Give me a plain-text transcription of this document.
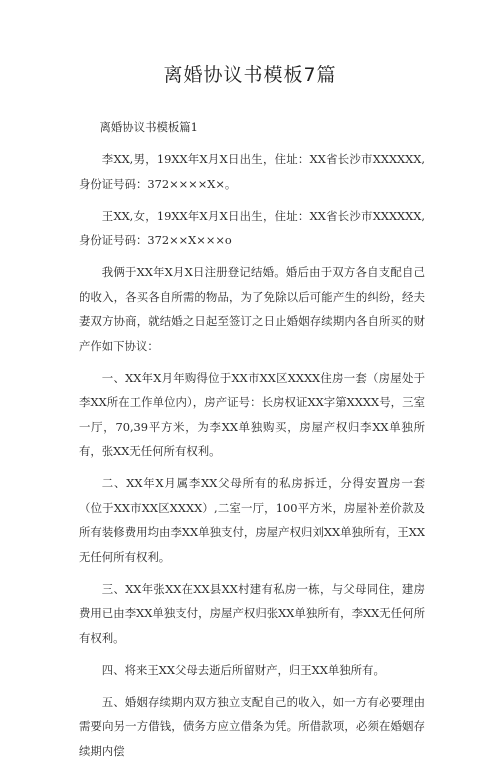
离婚协议书模板7篇

离婚协议书模板篇1

李XX,男，19XX年X月X日出生，住址：XX省长沙市XXXXXX,身份证号码：372××××X×。

王XX,女，19XX年X月X日出生，住址：XX省长沙市XXXXXX,身份证号码：372××X×××o

我俩于XX年X月X日注册登记结婚。婚后由于双方各自支配自己的收入，各买各自所需的物品，为了免除以后可能产生的纠纷，经夫妻双方协商，就结婚之日起至签订之日止婚姻存续期内各自所买的财产作如下协议：

一、XX年X月年购得位于XX市XX区XXXX住房一套（房屋处于李XX所在工作单位内），房产证号：长房权证XX字第XXXX号，三室一厅，70,39平方米，为李XX单独购买，房屋产权归李XX单独所有，张XX无任何所有权利。

二、XX年X月属李XX父母所有的私房拆迁，分得安置房一套（位于XX市XX区XXXX）,二室一厅，100平方米，房屋补差价款及所有装修费用均由李XX单独支付，房屋产权归刘XX单独所有，王XX无任何所有权利。

三、XX年张XX在XX县XX村建有私房一栋，与父母同住，建房费用已由李XX单独支付，房屋产权归张XX单独所有，李XX无任何所有权利。

四、将来王XX父母去逝后所留财产，归王XX单独所有。

五、婚姻存续期内双方独立支配自己的收入，如一方有必要理由需要向另一方借钱，债务方应立借条为凭。所借款项，必须在婚姻存续期内偿
